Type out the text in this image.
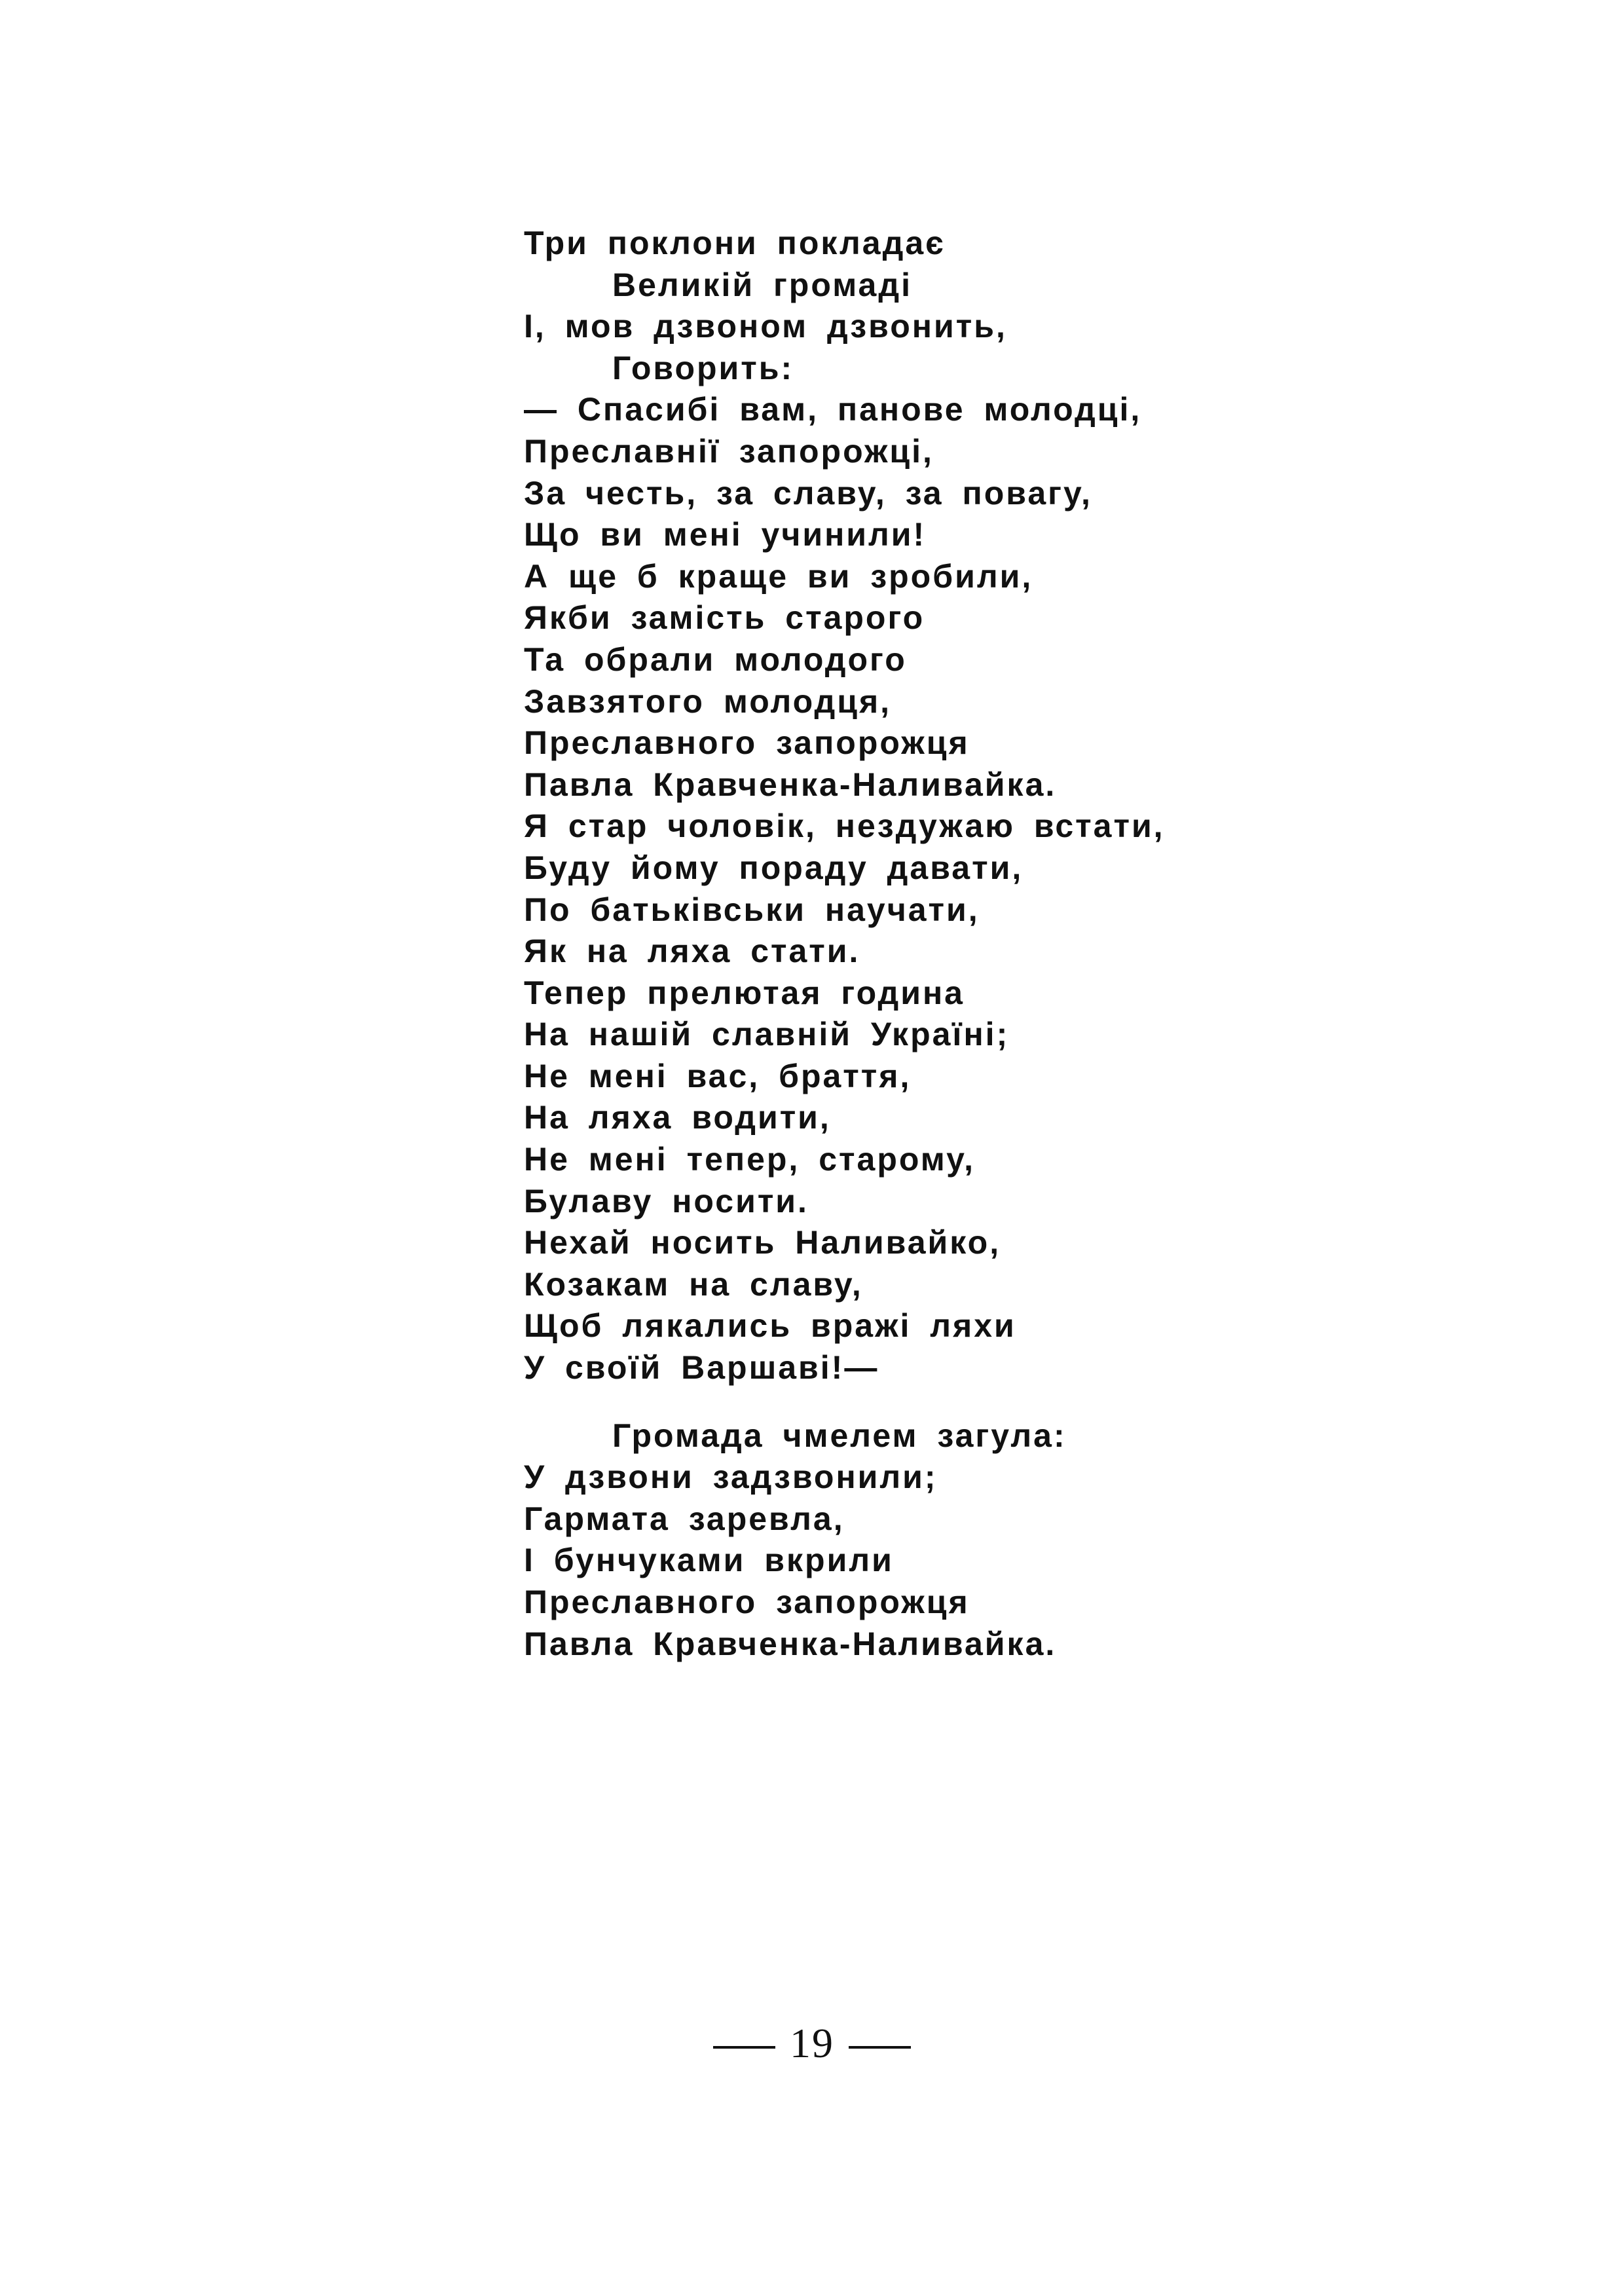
Три поклони покладає
Великій громаді
І, мов дзвоном дзвонить,
Говорить:
— Спасибі вам, панове молодці,
Преславнії запорожці,
За честь, за славу, за повагу,
Що ви мені учинили!
А ще б краще ви зробили,
Якби замість старого
Та обрали молодого
Завзятого молодця,
Преславного запорожця
Павла Кравченка-Наливайка.
Я стар чоловік, нездужаю встати,
Буду йому пораду давати,
По батьківськи научати,
Як на ляха стати.
Тепер прелютая година
На нашій славній Україні;
Не мені вас, браття,
На ляха водити,
Не мені тепер, старому,
Булаву носити.
Нехай носить Наливайко,
Козакам на славу,
Щоб лякались вражі ляхи
У своїй Варшаві!—
Громада чмелем загула:
У дзвони задзвонили;
Гармата заревла,
І бунчуками вкрили
Преславного запорожця
Павла Кравченка-Наливайка.
19
